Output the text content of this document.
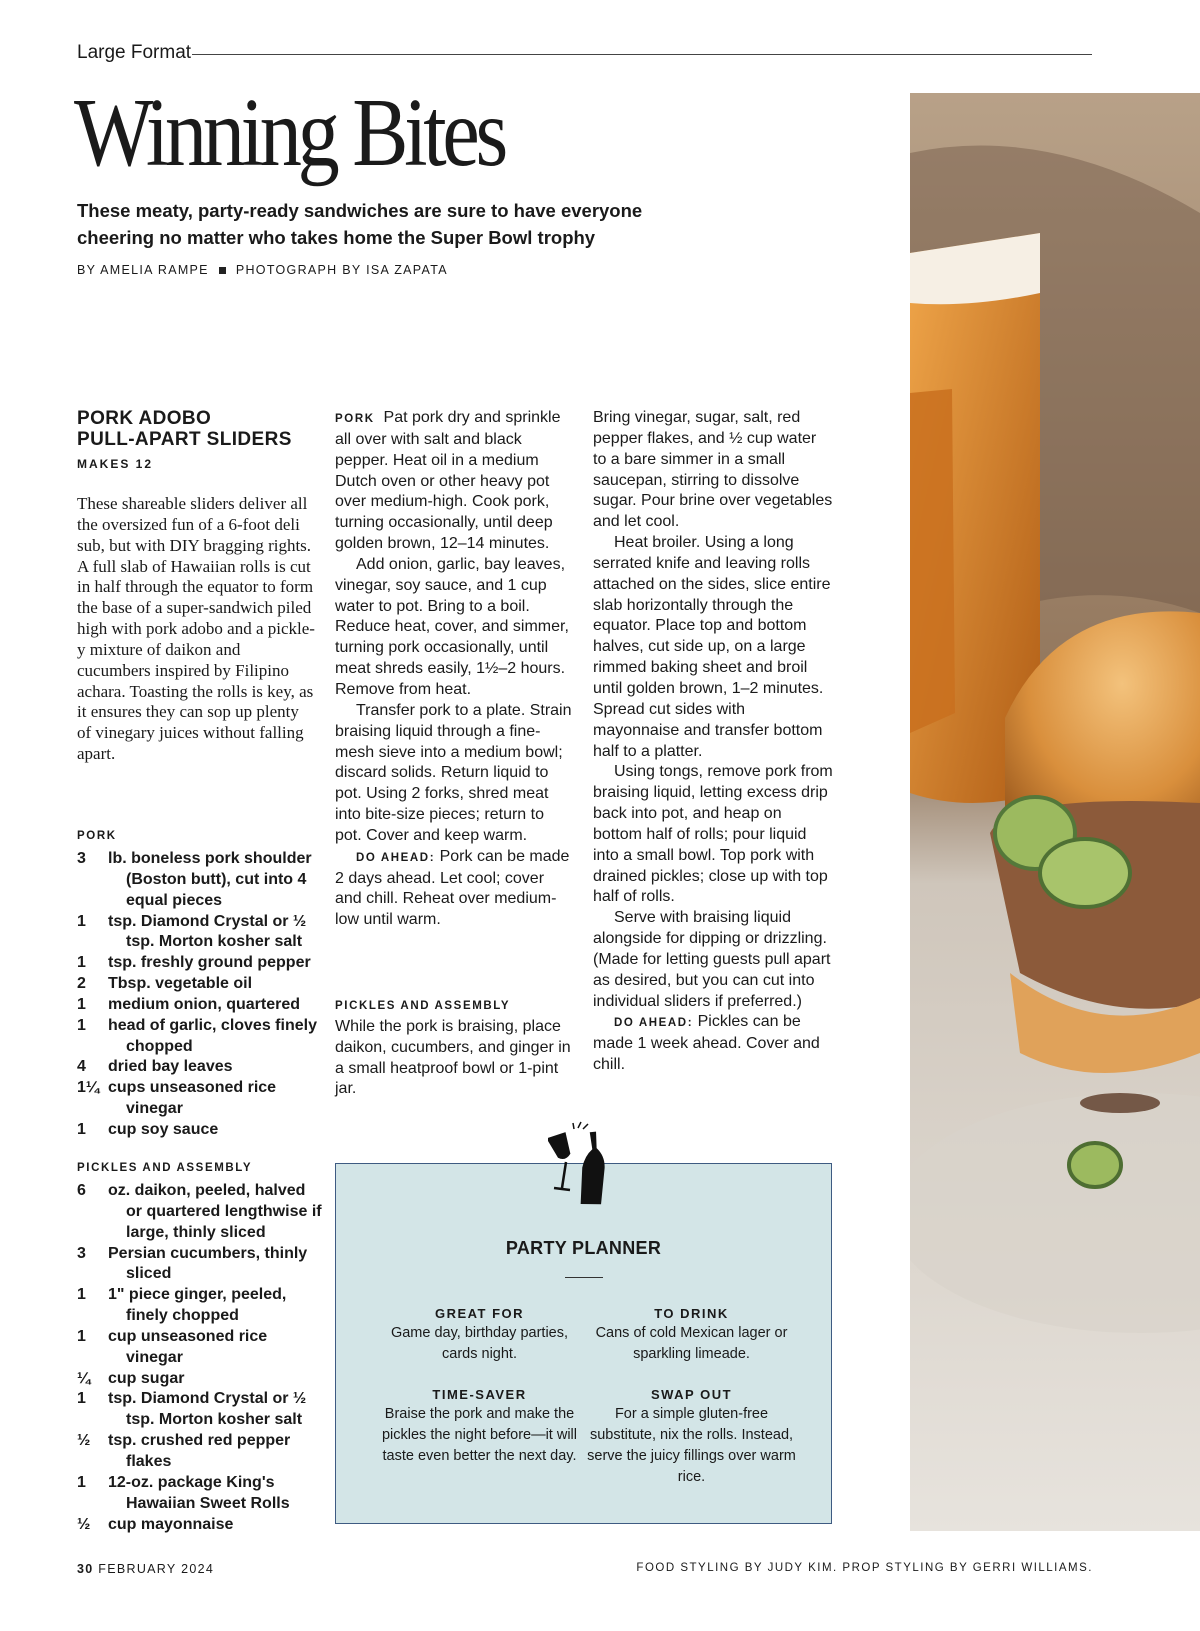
Large Format
Winning Bites
These meaty, party-ready sandwiches are sure to have everyone cheering no matter who takes home the Super Bowl trophy
BY AMELIA RAMPE PHOTOGRAPH BY ISA ZAPATA
PORK ADOBO
PULL-APART SLIDERS
MAKES 12
These shareable sliders deliver all the oversized fun of a 6-foot deli sub, but with DIY bragging rights. A full slab of Hawaiian rolls is cut in half through the equator to form the base of a super-sandwich piled high with pork adobo and a pickle-y mixture of daikon and cucumbers inspired by Filipino achara. Toasting the rolls is key, as it ensures they can sop up plenty of vinegary juices without falling apart.
PORK
3	lb. boneless pork shoulder (Boston butt), cut into 4 equal pieces
1	tsp. Diamond Crystal or ½ tsp. Morton kosher salt
1	tsp. freshly ground pepper
2	Tbsp. vegetable oil
1	medium onion, quartered
1	head of garlic, cloves finely chopped
4	dried bay leaves
1¼ cups unseasoned rice vinegar
1	cup soy sauce
PICKLES AND ASSEMBLY
6	oz. daikon, peeled, halved or quartered lengthwise if large, thinly sliced
3	Persian cucumbers, thinly sliced
1	1" piece ginger, peeled, finely chopped
1	cup unseasoned rice vinegar
¼	cup sugar
1	tsp. Diamond Crystal or ½ tsp. Morton kosher salt
½	tsp. crushed red pepper flakes
1	12-oz. package King's Hawaiian Sweet Rolls
½	cup mayonnaise

PORK Pat pork dry and sprinkle all over with salt and black pepper. Heat oil in a medium Dutch oven or other heavy pot over medium-high. Cook pork, turning occasionally, until deep golden brown, 12–14 minutes.

Add onion, garlic, bay leaves, vinegar, soy sauce, and 1 cup water to pot. Bring to a boil. Reduce heat, cover, and simmer, turning pork occasionally, until meat shreds easily, 1½–2 hours. Remove from heat.

Transfer pork to a plate. Strain braising liquid through a fine-mesh sieve into a medium bowl; discard solids. Return liquid to pot. Using 2 forks, shred meat into bite-size pieces; return to pot. Cover and keep warm.

DO AHEAD: Pork can be made 2 days ahead. Let cool; cover and chill. Reheat over medium-low until warm.

PICKLES AND ASSEMBLY

While the pork is braising, place daikon, cucumbers, and ginger in a small heatproof bowl or 1-pint jar.

Bring vinegar, sugar, salt, red pepper flakes, and ½ cup water to a bare simmer in a small saucepan, stirring to dissolve sugar. Pour brine over vegetables and let cool.

Heat broiler. Using a long serrated knife and leaving rolls attached on the sides, slice entire slab horizontally through the equator. Place top and bottom halves, cut side up, on a large rimmed baking sheet and broil until golden brown, 1–2 minutes. Spread cut sides with mayonnaise and transfer bottom half to a platter.

Using tongs, remove pork from braising liquid, letting excess drip back into pot, and heap on bottom half of rolls; pour liquid into a small bowl. Top pork with drained pickles; close up with top half of rolls.

Serve with braising liquid alongside for dipping or drizzling. (Made for letting guests pull apart as desired, but you can cut into individual sliders if preferred.)

DO AHEAD: Pickles can be made 1 week ahead. Cover and chill.

PARTY PLANNER
GREAT FOR
Game day, birthday parties, cards night.
TO DRINK
Cans of cold Mexican lager or sparkling limeade.
TIME-SAVER
Braise the pork and make the pickles the night before—it will taste even better the next day.
SWAP OUT
For a simple gluten-free substitute, nix the rolls. Instead, serve the juicy fillings over warm rice.
30 FEBRUARY 2024	FOOD STYLING BY JUDY KIM. PROP STYLING BY GERRI WILLIAMS.
